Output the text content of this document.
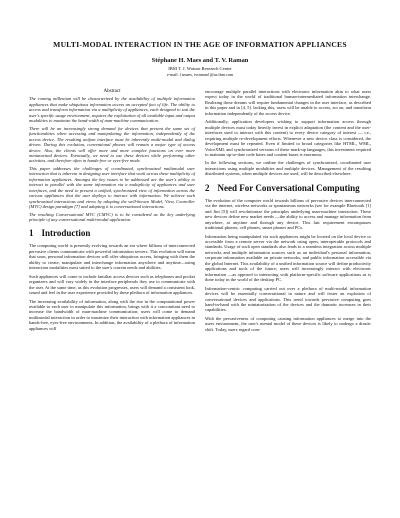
MULTI-MODAL INTERACTION IN THE AGE OF INFORMATION APPLIANCES
Stéphane H. Maes and T. V. Raman
IBM T. J. Watson Research Center
e-mail: {smaes, tvraman}@us.ibm.com
Abstract

The coming millenium will be characterized by the availability of multiple information appliances that make ubiquitous information access an accepted fact of life. The ability to access and transform information via a multiplicity of appliances, each designed to suit the user's specific usage environment, requires the exploitation of all available input and output modalities to maximize the band-width of man-machine communication.

There will be an increasingly strong demand for devices that present the same set of functionalities when accessing and manipulating the information, independently of the access device. The resulting unifom interface must be inherently multi-modal and dialog driven. During this evolution, conventional phones will remain a major type of access device. Also, the clients will offer more and more complex functions on ever more miniaturized devices. Eventually, we need to use these devices while performing other activities, and therefore often in hands-free or eyes-free mode.

This paper addresses the challenges of coordinated, synchronized multimodal user interaction that is inherent in designing user interface that work across these multiplicity of information appliances. Amongst the key issues to be addressed are the user's ability to interact in parallel with the same information via a multiplicity of appliances and user interfaces, and the need to present a unified, synchronized view of information across the various appliances that the user deploys to interact with information. We achieve such synchronized interactions and views by adopting the well-known Model, View, Controller (MVC) design paradigm [7] and adapting it to conversational interactions.

The resulting Conversational MVC (CMVC) is to be considered as the key underlying principle of any conversational multi-modal application.

1 Introduction

The computing world is presently evolving towards an era where billions of interconnected pervasive clients communicate with powerful information servers. This evolution will mean that soon, personal information devices will offer ubiquitous access, bringing with them the ability to create, manipulate and interchange information anywhere and anytime—using interaction modalities most suited to the user's current needs and abilities.

Such appliances will come to include familiar access devices such as telephones and pocket organizers and will vary widely in the interface peripherals they use to communicate with the user. At the same time, as this evolution progresses, users will demand a consistent look, sound and feel in the user experience provided by these plethora of information appliances.

The increasing availability of information, along with the rise in the computational power available to each user to manipulate this information, brings with it a concomitant need to increase the bandwidth of man-machine communication; users will come to demand multimodal interaction in order to maximize their interaction with information appliances in hands-free, eyes-free environments. In addition, the availability of a plethora of information appliances will

encourage multiple parallel interactions with electronic information akin to what users expect today in the world of traditional human-intermediated information interchange. Realizing these dreams will require fundamental changes in the user interface, as described in this paper and in [4, 5]. lacking this, users will be unable to access, act on, and transform information independently of the access device.

Additionally, application developers wishing to support information access through multiple devices must today heavily invest in explicit adaptation (the content and the user-interfaces used to interact with this content) to every device category of interest — i.e., requiring multiple re-development efforts. Whenever a new device class is considered, the development must be repeated. Even if limited to broad categories like HTML, WML, VoiceXML and synchronized versions of these mark-up languages, this investment required to maintain up-to-date code bases and content bases is enormous.

In the following sections, we outline the challenges of synchronized, coordinated user interactions using multiple modalities and multiple devices. Management of the resulting distributed systems, when multiple devices are used, will be described elsewhere.

2 Need For Conversational Computing

The evolution of the computer world towards billions of pervasive devices interconnected via the internet, wireless networks or spontaneous networks (see for example Bluetooth [1] and Jini [5]) will revolutionize the principles underlying man-machine interaction. These new devices define new market needs —the ability to access and manage information from anywhere, at anytime and through any device. This last requirement encompasses traditional phones, cell phones, smart phones and PCs.

Information being manipulated via such appliances might be located on the local device or accessible from a remote server via the network using open, interoperable protocols and standards. Usage of such open standards also leads to a seamless integration across multiple networks and multiple information sources such as an individual's personal information, corporate information available on private networks, and public information accessible via the global Internet. This availability of a unified information source will define productivity applications and tools of the future; users will increasingly interact with electronic information —as opposed to interacting with platform-specific software applications as is done today in the world of the desktop PC.

Information-centric computing carried out over a plethora of multi-modal information devices will be essentially conversational in nature and will foster an explosion of conversational devices and applications. This trend towards pervasive computing goes hand-in-hand with the miniaturization of the devices and the dramatic increases in their capabilities.

With the pervasiveness of computing causing information appliances to merge into the users environment, the user's mental model of these devices is likely to undergo a drastic shift. Today, users regard com-
